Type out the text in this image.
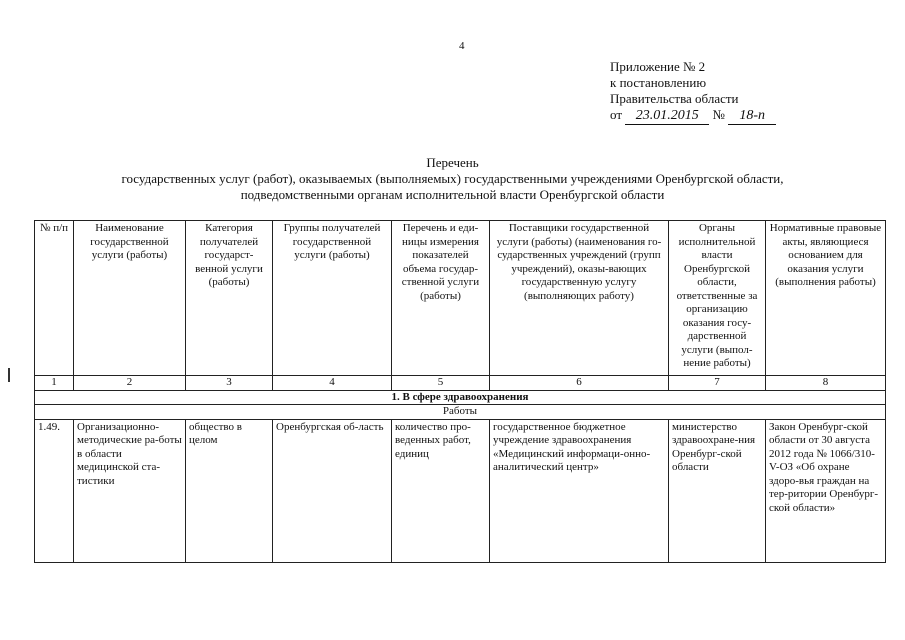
4
Приложение № 2
к постановлению
Правительства области
от 23.01.2015 № 18-п
Перечень
государственных услуг (работ), оказываемых (выполняемых) государственными учреждениями Оренбургской области,
подведомственными органам исполнительной власти Оренбургской области
№ п/п	Наименование государственной услуги (работы)	Категория получателей государст-венной услуги (работы)	Группы получателей государственной услуги (работы)	Перечень и еди-ницы измерения показателей объема государ-ственной услуги (работы)	Поставщики государственной услуги (работы) (наименования го-сударственных учреждений (групп учреждений), оказы-вающих государственную услугу (выполняющих работу)	Органы исполнительной власти Оренбургской области, ответственные за организацию оказания госу-дарственной услуги (выпол-нение работы)	Нормативные правовые акты, являющиеся основанием для оказания услуги (выполнения работы)
1	2	3	4	5	6	7	8
1. В сфере здравоохранения							
Работы							
1.49.	Организационно-методические ра-боты в области медицинской ста-тистики	общество в целом	Оренбургская об-ласть	количество про-веденных работ, единиц	государственное бюджетное учреждение здравоохранения «Медицинский информаци-онно-аналитический центр»	министерство здравоохране-ния Оренбург-ской области	Закон Оренбург-ской области от 30 августа 2012 года № 1066/310-V-ОЗ «Об охране здоро-вья граждан на тер-ритории Оренбург-ской области»
